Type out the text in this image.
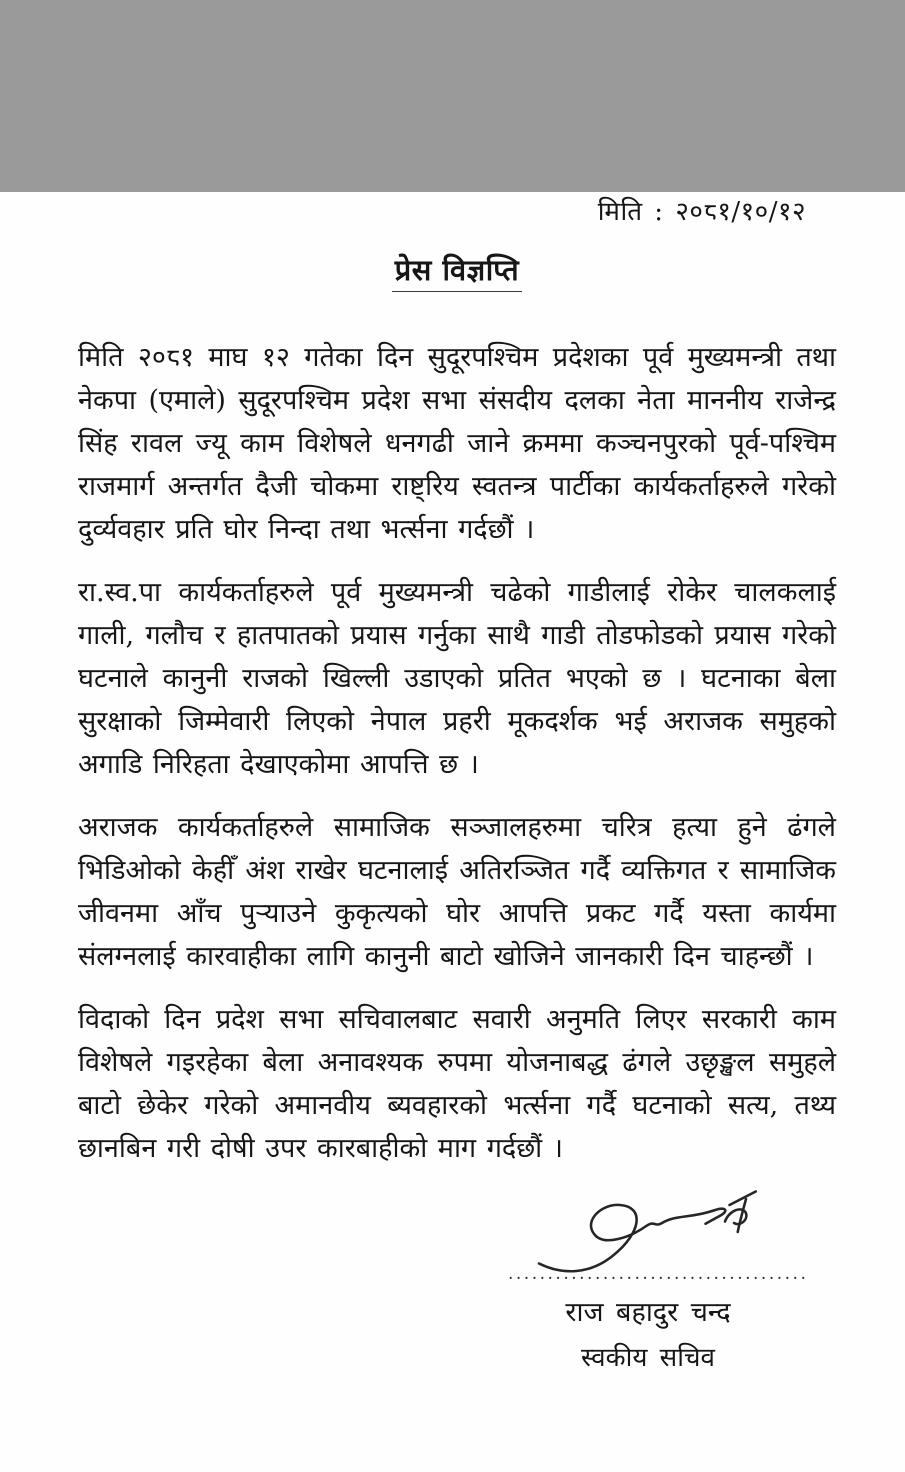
मिति : २०८१/१०/१२
प्रेस विज्ञप्ति

मिति २०८१ माघ १२ गतेका दिन सुदूरपश्चिम प्रदेशका पूर्व मुख्यमन्त्री तथा नेकपा (एमाले) सुदूरपश्चिम प्रदेश सभा संसदीय दलका नेता माननीय राजेन्द्र सिंह रावल ज्यू काम विशेषले धनगढी जाने क्रममा कञ्चनपुरको पूर्व-पश्चिम राजमार्ग अन्तर्गत दैजी चोकमा राष्ट्रिय स्वतन्त्र पार्टीका कार्यकर्ताहरुले गरेको दुर्व्यवहार प्रति घोर निन्दा तथा भर्त्सना गर्दछौं ।

रा.स्व.पा कार्यकर्ताहरुले पूर्व मुख्यमन्त्री चढेको गाडीलाई रोकेर चालकलाई गाली, गलौच र हातपातको प्रयास गर्नुका साथै गाडी तोडफोडको प्रयास गरेको घटनाले कानुनी राजको खिल्ली उडाएको प्रतित भएको छ । घटनाका बेला सुरक्षाको जिम्मेवारी लिएको नेपाल प्रहरी मूकदर्शक भई अराजक समुहको अगाडि निरिहता देखाएकोमा आपत्ति छ ।

अराजक कार्यकर्ताहरुले सामाजिक सञ्जालहरुमा चरित्र हत्या हुने ढंगले भिडिओको केहीँ अंश राखेर घटनालाई अतिरञ्जित गर्दै व्यक्तिगत र सामाजिक जीवनमा आँच पुऱ्याउने कुकृत्यको घोर आपत्ति प्रकट गर्दै यस्ता कार्यमा संलग्नलाई कारवाहीका लागि कानुनी बाटो खोजिने जानकारी दिन चाहन्छौं ।

विदाको दिन प्रदेश सभा सचिवालबाट सवारी अनुमति लिएर सरकारी काम विशेषले गइरहेका बेला अनावश्यक रुपमा योजनाबद्ध ढंगले उछृङ्खल समुहले बाटो छेकेर गरेको अमानवीय ब्यवहारको भर्त्सना गर्दै घटनाको सत्य, तथ्य छानबिन गरी दोषी उपर कारबाहीको माग गर्दछौं ।

......................................
राज बहादुर चन्द
स्वकीय सचिव
